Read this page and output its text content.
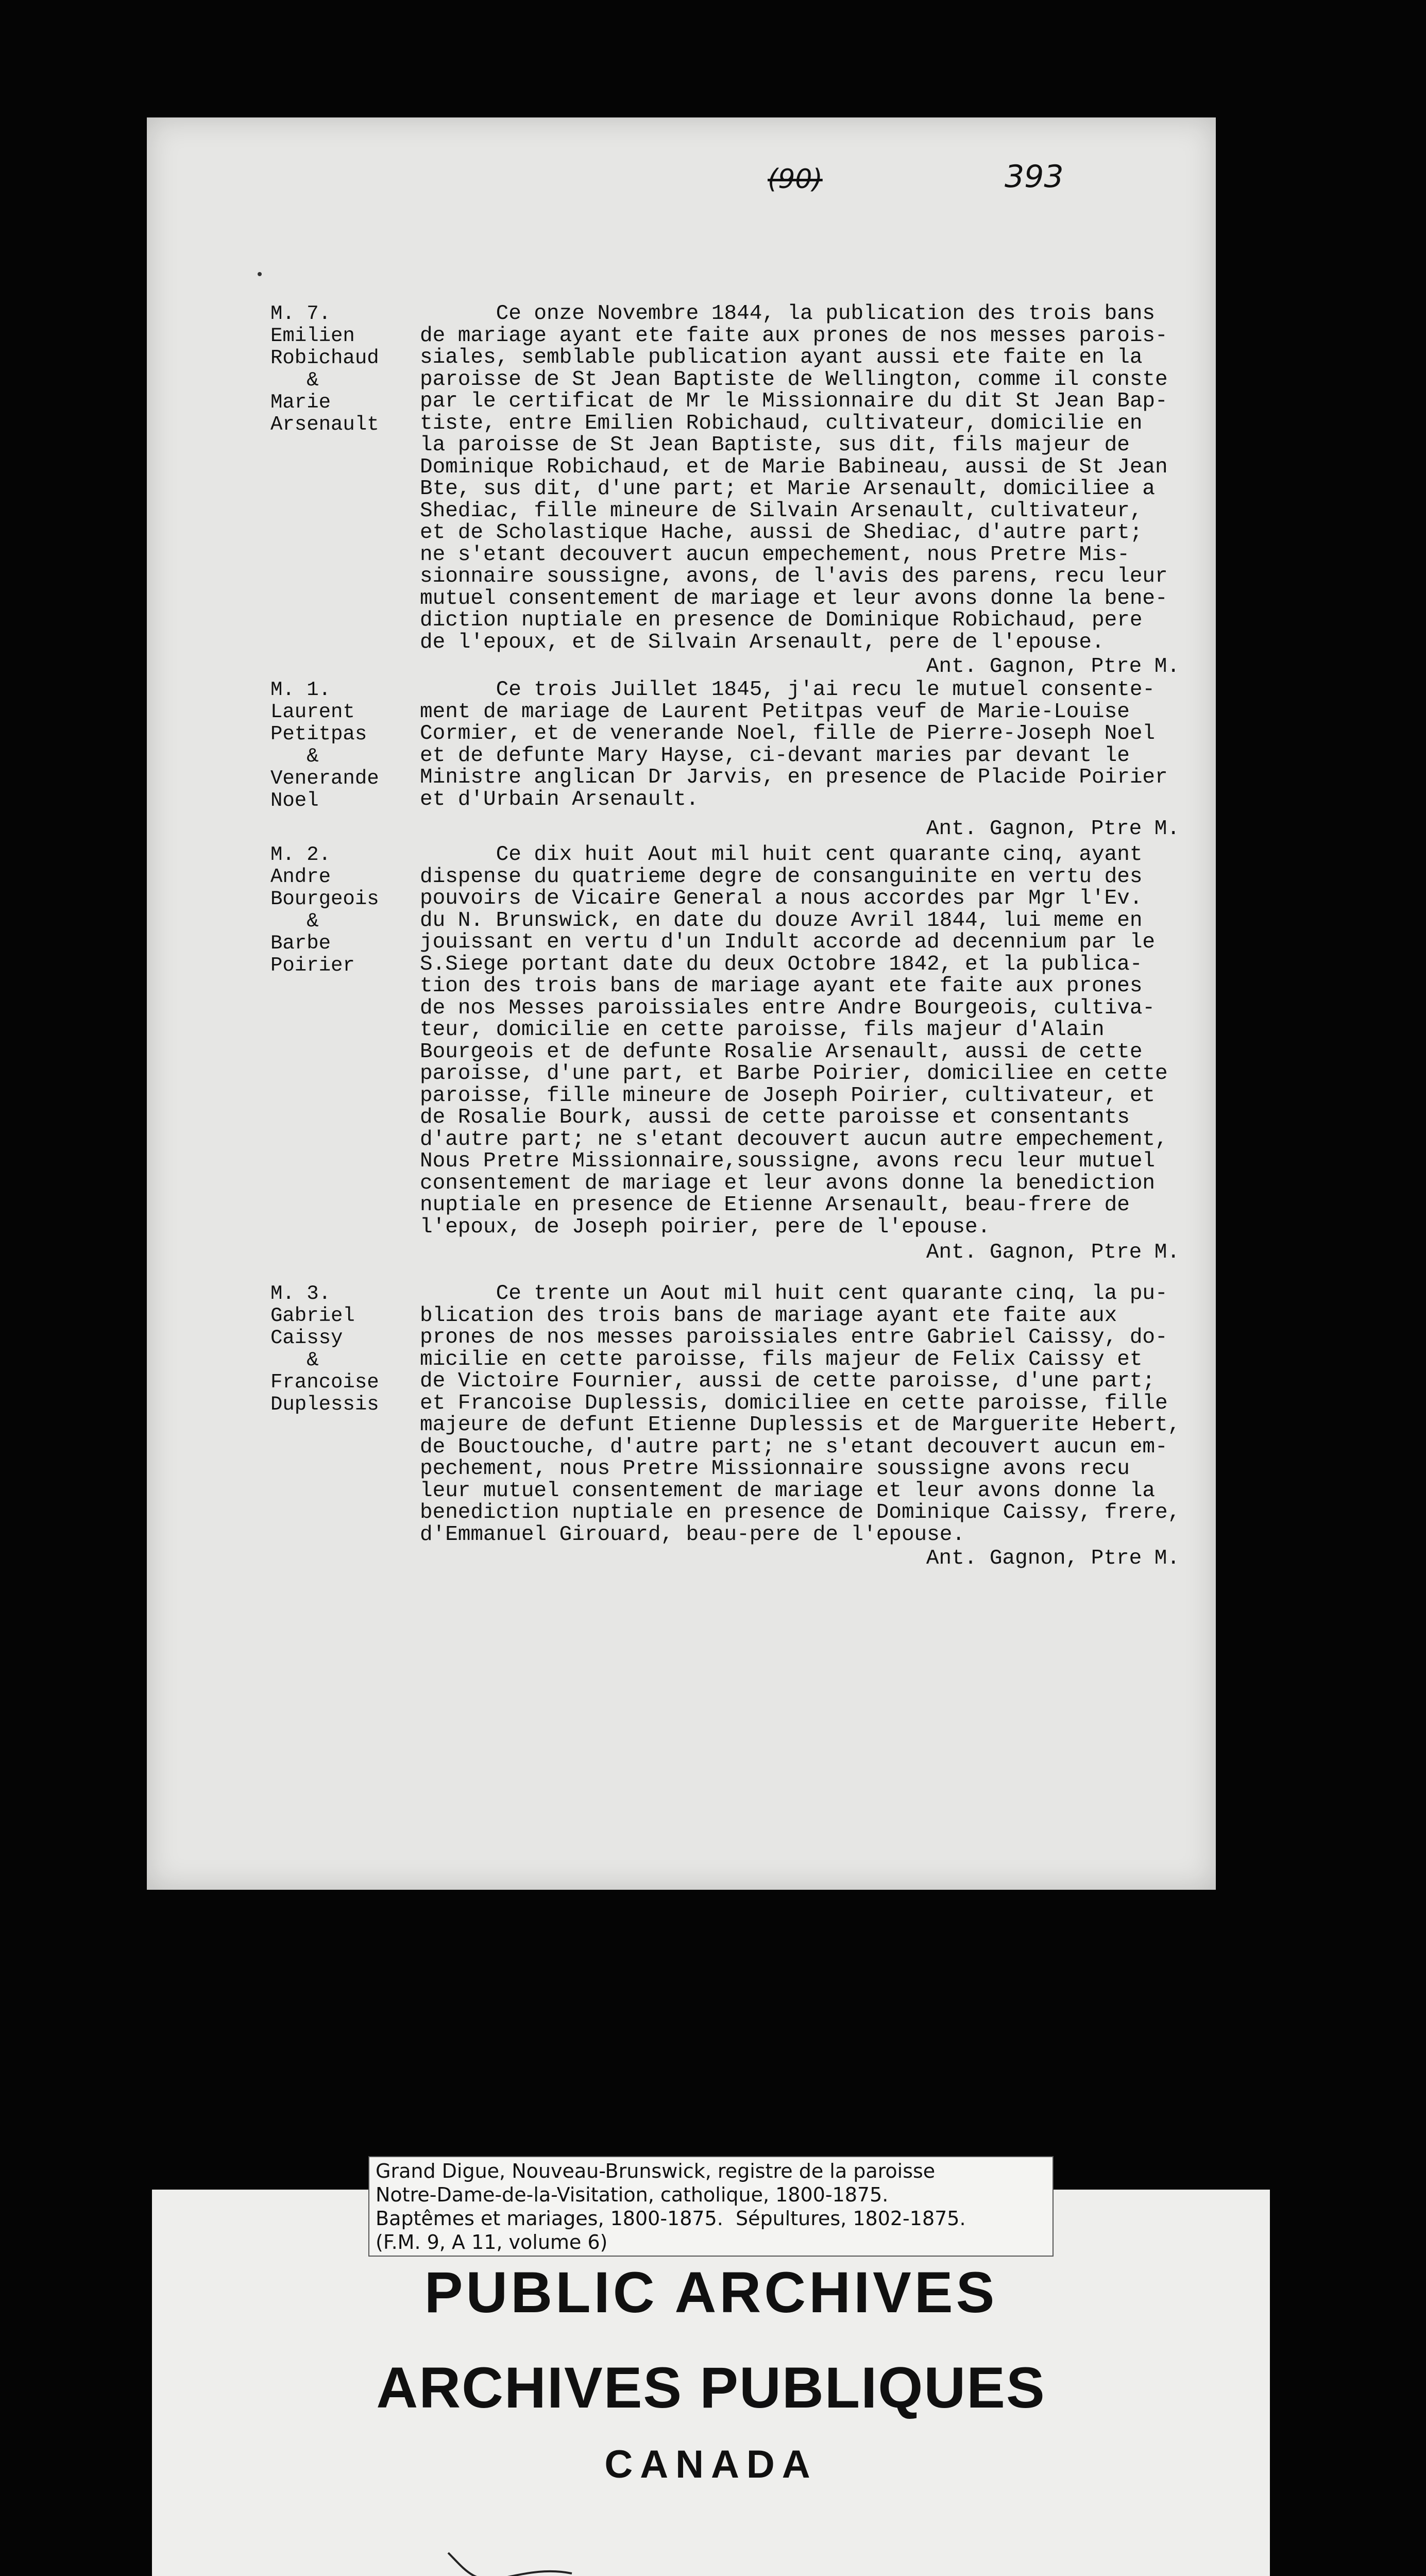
(90)	393
M. 7.
Emilien
Robichaud
&
Marie
Arsenault
Ce onze Novembre 1844, la publication des trois bans
de mariage ayant ete faite aux prones de nos messes parois-
siales, semblable publication ayant aussi ete faite en la
paroisse de St Jean Baptiste de Wellington, comme il conste
par le certificat de Mr le Missionnaire du dit St Jean Bap-
tiste, entre Emilien Robichaud, cultivateur, domicilie en
la paroisse de St Jean Baptiste, sus dit, fils majeur de
Dominique Robichaud, et de Marie Babineau, aussi de St Jean
Bte, sus dit, d'une part; et Marie Arsenault, domiciliee a
Shediac, fille mineure de Silvain Arsenault, cultivateur,
et de Scholastique Hache, aussi de Shediac, d'autre part;
ne s'etant decouvert aucun empechement, nous Pretre Mis-
sionnaire soussigne, avons, de l'avis des parens, recu leur
mutuel consentement de mariage et leur avons donne la bene-
diction nuptiale en presence de Dominique Robichaud, pere
de l'epoux, et de Silvain Arsenault, pere de l'epouse.
Ant. Gagnon, Ptre M.
M. 1.
Laurent
Petitpas
&
Venerande
Noel
Ce trois Juillet 1845, j'ai recu le mutuel consente-
ment de mariage de Laurent Petitpas veuf de Marie-Louise
Cormier, et de venerande Noel, fille de Pierre-Joseph Noel
et de defunte Mary Hayse, ci-devant maries par devant le
Ministre anglican Dr Jarvis, en presence de Placide Poirier
et d'Urbain Arsenault.
Ant. Gagnon, Ptre M.
M. 2.
Andre
Bourgeois
&
Barbe
Poirier
Ce dix huit Aout mil huit cent quarante cinq, ayant
dispense du quatrieme degre de consanguinite en vertu des
pouvoirs de Vicaire General a nous accordes par Mgr l'Ev.
du N. Brunswick, en date du douze Avril 1844, lui meme en
jouissant en vertu d'un Indult accorde ad decennium par le
S.Siege portant date du deux Octobre 1842, et la publica-
tion des trois bans de mariage ayant ete faite aux prones
de nos Messes paroissiales entre Andre Bourgeois, cultiva-
teur, domicilie en cette paroisse, fils majeur d'Alain
Bourgeois et de defunte Rosalie Arsenault, aussi de cette
paroisse, d'une part, et Barbe Poirier, domiciliee en cette
paroisse, fille mineure de Joseph Poirier, cultivateur, et
de Rosalie Bourk, aussi de cette paroisse et consentants
d'autre part; ne s'etant decouvert aucun autre empechement,
Nous Pretre Missionnaire,soussigne, avons recu leur mutuel
consentement de mariage et leur avons donne la benediction
nuptiale en presence de Etienne Arsenault, beau-frere de
l'epoux, de Joseph poirier, pere de l'epouse.
Ant. Gagnon, Ptre M.
M. 3.
Gabriel
Caissy
&
Francoise
Duplessis
Ce trente un Aout mil huit cent quarante cinq, la pu-
blication des trois bans de mariage ayant ete faite aux
prones de nos messes paroissiales entre Gabriel Caissy, do-
micilie en cette paroisse, fils majeur de Felix Caissy et
de Victoire Fournier, aussi de cette paroisse, d'une part;
et Francoise Duplessis, domiciliee en cette paroisse, fille
majeure de defunt Etienne Duplessis et de Marguerite Hebert,
de Bouctouche, d'autre part; ne s'etant decouvert aucun em-
pechement, nous Pretre Missionnaire soussigne avons recu
leur mutuel consentement de mariage et leur avons donne la
benediction nuptiale en presence de Dominique Caissy, frere,
d'Emmanuel Girouard, beau-pere de l'epouse.
Ant. Gagnon, Ptre M.
Grand Digue, Nouveau-Brunswick, registre de la paroisse
Notre-Dame-de-la-Visitation, catholique, 1800-1875.
Baptêmes et mariages, 1800-1875.  Sépultures, 1802-1875.
(F.M. 9, A 11, volume 6)
PUBLIC ARCHIVES
ARCHIVES PUBLIQUES
CANADA
